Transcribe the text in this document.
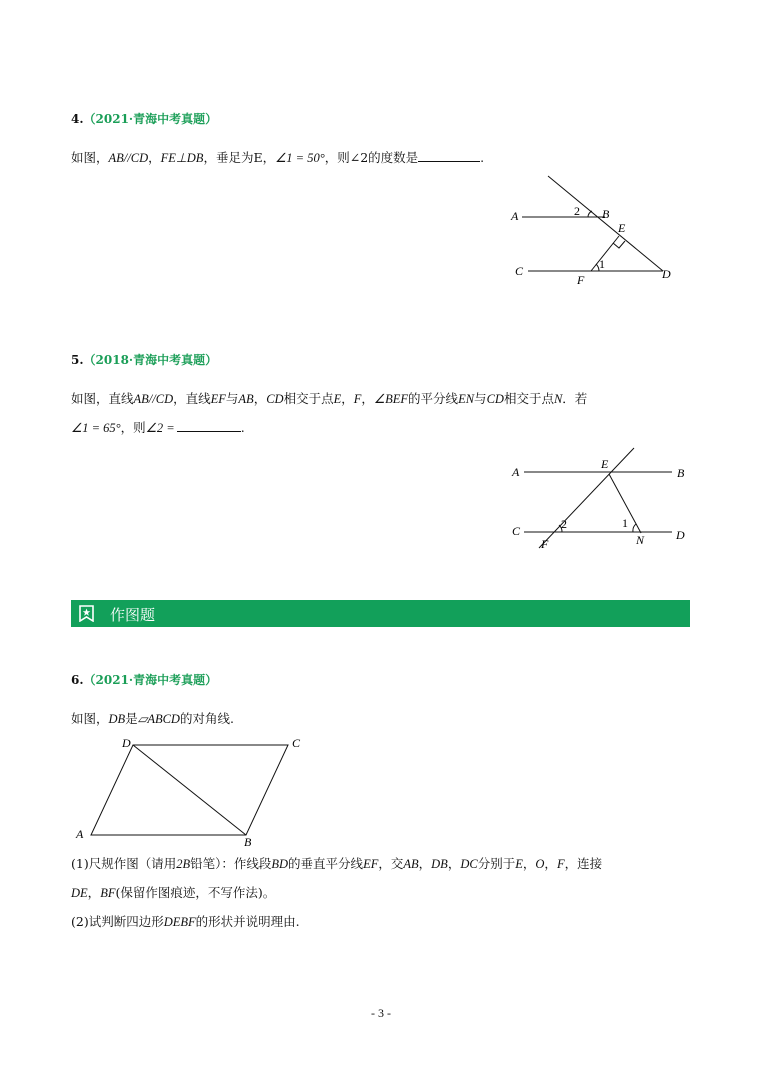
4.（2021·青海中考真题）
如图，AB//CD，FE⊥DB，垂足为E，∠1 = 50°，则∠2的度数是	.
A	B
E
C	D
F
1
2
5.（2018·青海中考真题）
如图，直线AB//CD，直线EF与AB，CD相交于点E，F，∠BEF的平分线EN与CD相交于点N．若
∠1 = 65°，则∠2 =	.
A
E
B
C	D
F	N
2	1
作图题
6.（2021·青海中考真题）
如图，DB是▱ABCD的对角线.
D	C
A
B
(1)尺规作图（请用2B铅笔）：作线段BD的垂直平分线EF，交AB，DB，DC分别于E，O，F，连接
DE，BF(保留作图痕迹，不写作法)。
(2)试判断四边形DEBF的形状并说明理由.
- 3 -
